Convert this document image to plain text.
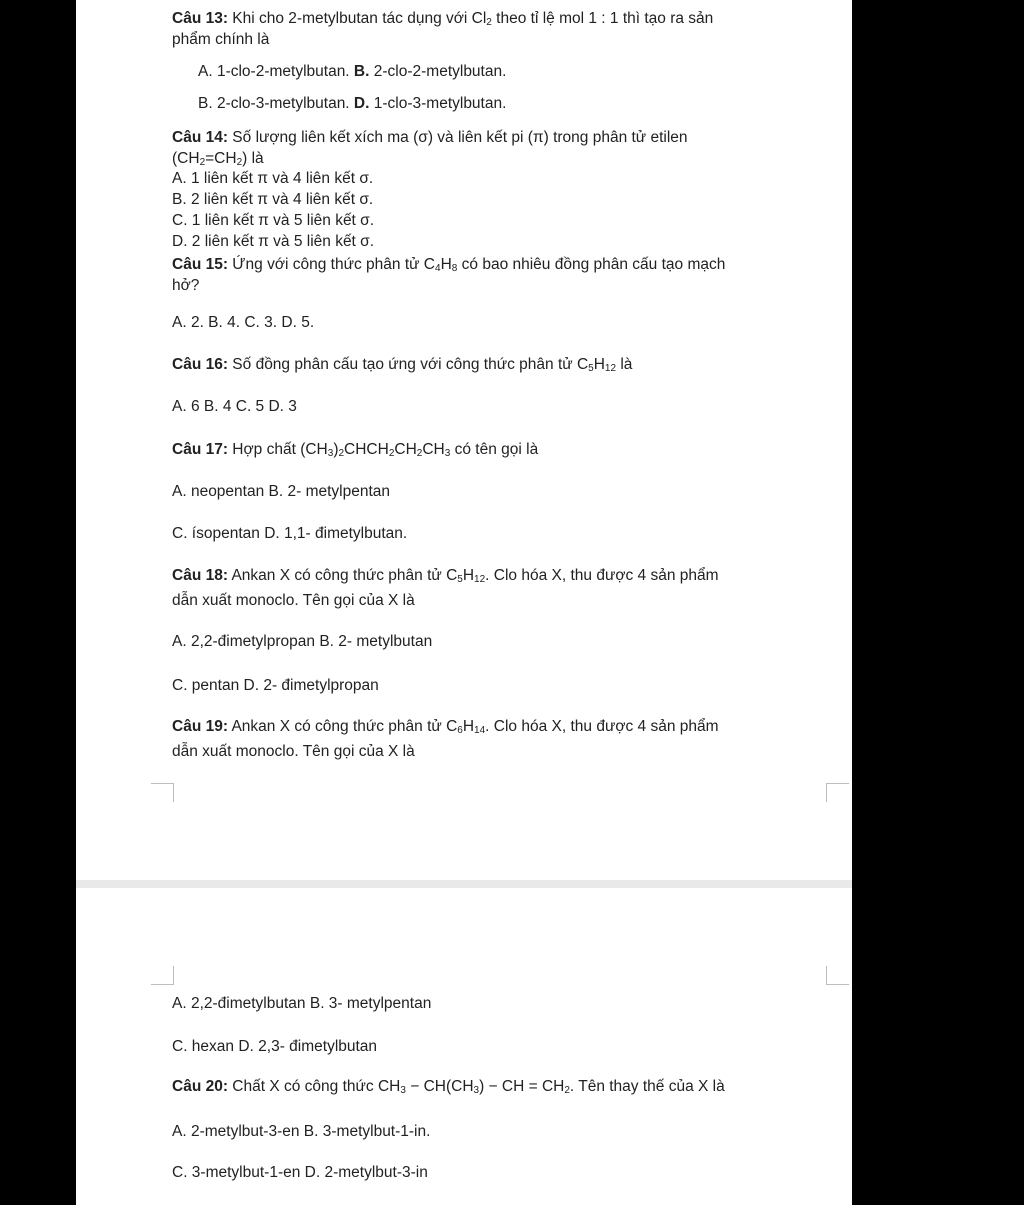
Câu 13: Khi cho 2-metylbutan tác dụng với $Cl_2$ theo tỉ lệ mol 1 : 1 thì tạo ra sản
phẩm chính là
A. 1-clo-2-metylbutan. B. 2-clo-2-metylbutan.
B. 2-clo-3-metylbutan. D. 1-clo-3-metylbutan.
Câu 14: Số lượng liên kết xích ma (σ) và liên kết pi (π) trong phân tử etilen
$(CH_2=CH_2)$ là
A. 1 liên kết π và 4 liên kết σ.
B. 2 liên kết π và 4 liên kết σ.
C. 1 liên kết π và 5 liên kết σ.
D. 2 liên kết π và 5 liên kết σ.
Câu 15: Ứng với công thức phân tử $C_4H_8$ có bao nhiêu đồng phân cấu tạo mạch
hở?
A. 2. B. 4. C. 3. D. 5.
Câu 16: Số đồng phân cấu tạo ứng với công thức phân tử $C_5H_{12}$ là
A. 6 B. 4 C. 5 D. 3
Câu 17: Hợp chất $(CH_3)_2CHCH_2CH_2CH_3$ có tên gọi là
A. neopentan B. 2- metylpentan
C. ísopentan D. 1,1- đimetylbutan.
Câu 18: Ankan X có công thức phân tử $C_5H_{12}$. Clo hóa X, thu được 4 sản phẩm
dẫn xuất monoclo. Tên gọi của X là
A. 2,2-đimetylpropan B. 2- metylbutan
C. pentan D. 2- đimetylpropan
Câu 19: Ankan X có công thức phân tử $C_6H_{14}$. Clo hóa X, thu được 4 sản phẩm
dẫn xuất monoclo. Tên gọi của X là
A. 2,2-đimetylbutan B. 3- metylpentan
C. hexan D. 2,3- đimetylbutan
Câu 20: Chất X có công thức $CH_3 - CH(CH_3)$ − CH = $CH_2$. Tên thay thế của X là
A. 2-metylbut-3-en B. 3-metylbut-1-in.
C. 3-metylbut-1-en D. 2-metylbut-3-in
